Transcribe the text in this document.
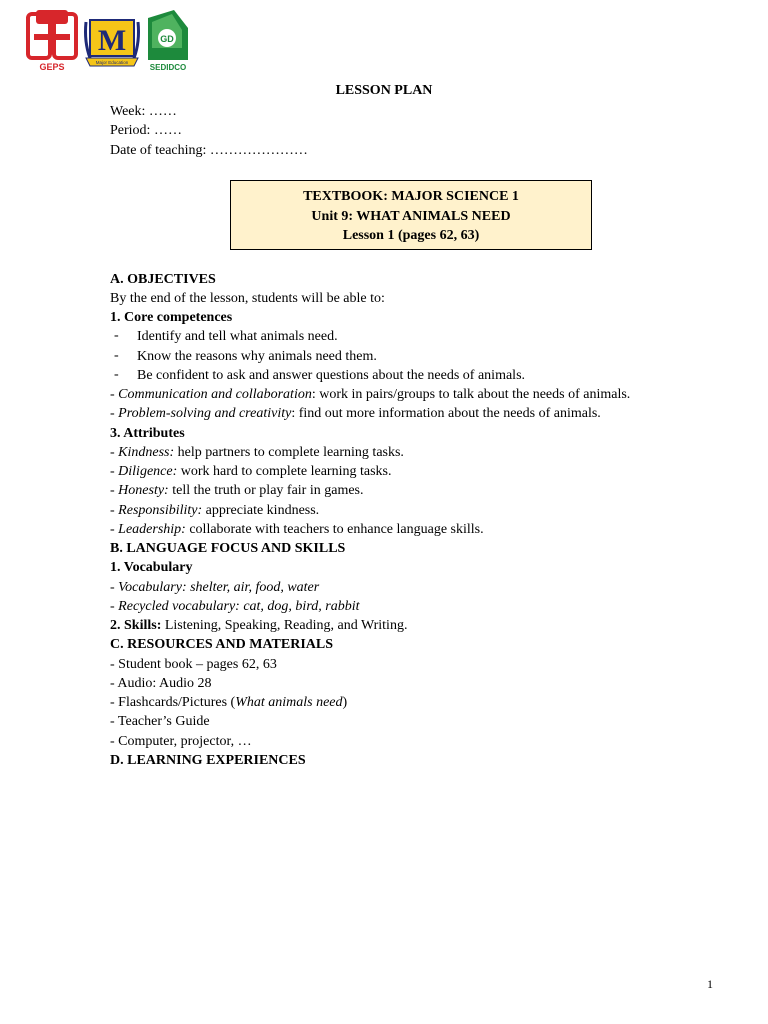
GEPS
M
Major Education
GD
SEDIDCO
LESSON PLAN
Week: ……
Period: ……
Date of teaching: …………………
TEXTBOOK: MAJOR SCIENCE 1
Unit 9: WHAT ANIMALS NEED
Lesson 1 (pages 62, 63)
A. OBJECTIVES
By the end of the lesson, students will be able to:
1. Core competences
- Identify and tell what animals need.
- Know the reasons why animals need them.
- Be confident to ask and answer questions about the needs of animals.
- Communication and collaboration: work in pairs/groups to talk about the needs of animals.
- Problem-solving and creativity: find out more information about the needs of animals.
3. Attributes
- Kindness: help partners to complete learning tasks.
- Diligence: work hard to complete learning tasks.
- Honesty: tell the truth or play fair in games.
- Responsibility: appreciate kindness.
- Leadership: collaborate with teachers to enhance language skills.
B. LANGUAGE FOCUS AND SKILLS
1. Vocabulary
- Vocabulary: shelter, air, food, water
- Recycled vocabulary: cat, dog, bird, rabbit
2. Skills: Listening, Speaking, Reading, and Writing.
C. RESOURCES AND MATERIALS
- Student book – pages 62, 63
- Audio: Audio 28
- Flashcards/Pictures (What animals need)
- Teacher’s Guide
- Computer, projector, …
D. LEARNING EXPERIENCES
1
